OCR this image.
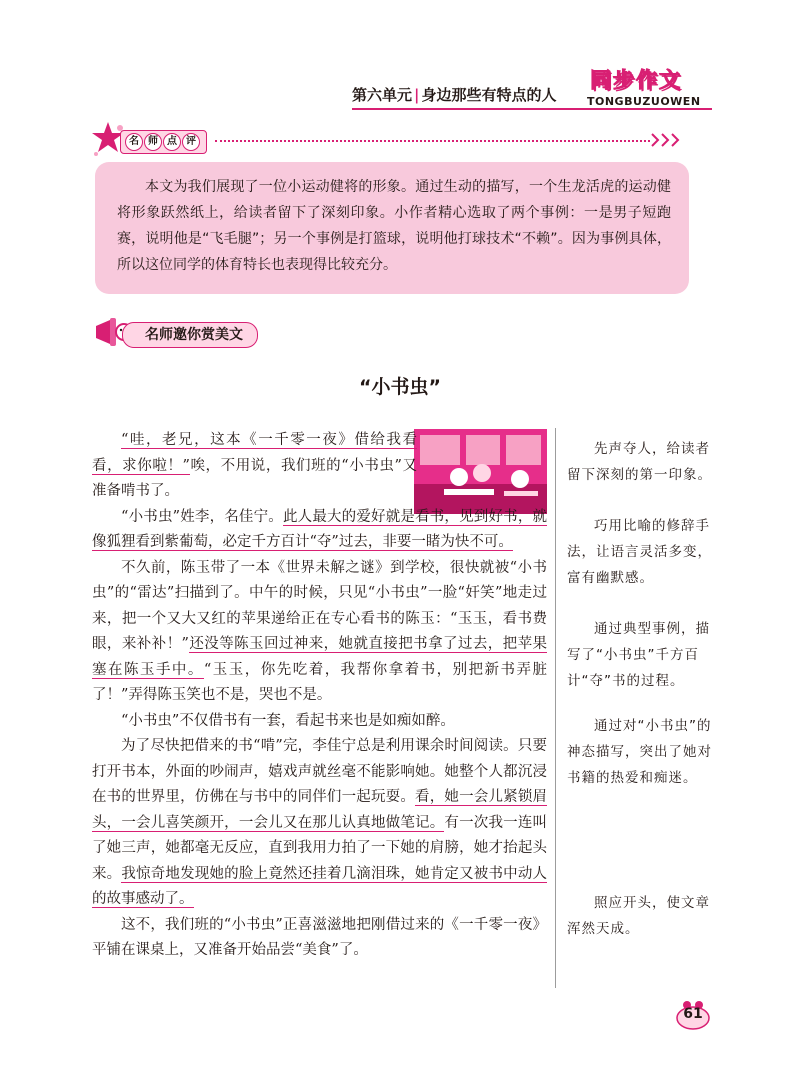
第六单元 | 身边那些有特点的人
同步作文
TONGBUZUOWEN
名 师 点 评

本文为我们展现了一位小运动健将的形象。通过生动的描写，一个生龙活虎的运动健将形象跃然纸上，给读者留下了深刻印象。小作者精心选取了两个事例：一是男子短跑赛，说明他是“飞毛腿”；另一个事例是打篮球，说明他打球技术“不赖”。因为事例具体，所以这位同学的体育特长也表现得比较充分。

名师邀你赏美文
“小书虫”

“哇，老兄，这本《一千零一夜》借给我看看，求你啦！”唉，不用说，我们班的“小书虫”又准备啃书了。

“小书虫”姓李，名佳宁。此人最大的爱好就是看书，见到好书，就像狐狸看到紫葡萄，必定千方百计“夺”过去，非要一睹为快不可。

不久前，陈玉带了一本《世界未解之谜》到学校，很快就被“小书虫”的“雷达”扫描到了。中午的时候，只见“小书虫”一脸“奸笑”地走过来，把一个又大又红的苹果递给正在专心看书的陈玉：“玉玉，看书费眼，来补补！”还没等陈玉回过神来，她就直接把书拿了过去，把苹果塞在陈玉手中。“玉玉，你先吃着，我帮你拿着书，别把新书弄脏了！”弄得陈玉笑也不是，哭也不是。

“小书虫”不仅借书有一套，看起书来也是如痴如醉。

为了尽快把借来的书“啃”完，李佳宁总是利用课余时间阅读。只要打开书本，外面的吵闹声，嬉戏声就丝毫不能影响她。她整个人都沉浸在书的世界里，仿佛在与书中的同伴们一起玩耍。看，她一会儿紧锁眉头，一会儿喜笑颜开，一会儿又在那儿认真地做笔记。有一次我一连叫了她三声，她都毫无反应，直到我用力拍了一下她的肩膀，她才抬起头来。我惊奇地发现她的脸上竟然还挂着几滴泪珠，她肯定又被书中动人的故事感动了。

这不，我们班的“小书虫”正喜滋滋地把刚借过来的《一千零一夜》平铺在课桌上，又准备开始品尝“美食”了。

先声夺人，给读者留下深刻的第一印象。

巧用比喻的修辞手法，让语言灵活多变，富有幽默感。

通过典型事例，描写了“小书虫”千方百计“夺”书的过程。

通过对“小书虫”的神态描写，突出了她对书籍的热爱和痴迷。

照应开头，使文章浑然天成。

61
